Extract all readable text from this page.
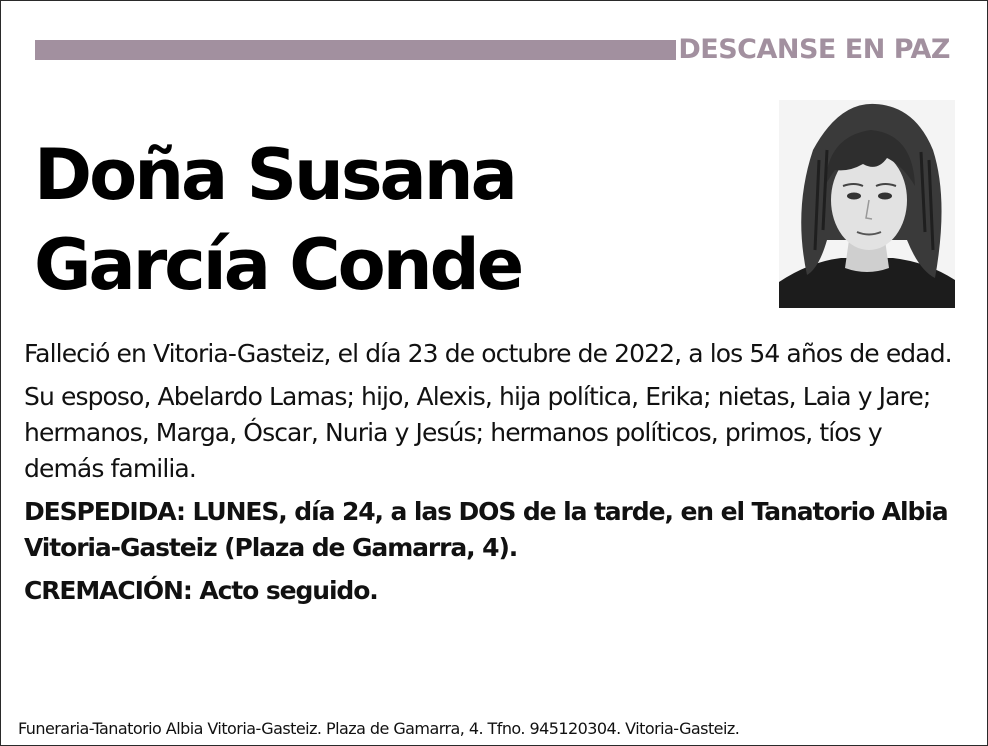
DESCANSE EN PAZ
Doña Susana
García Conde

Falleció en Vitoria-Gasteiz, el día 23 de octubre de 2022, a los 54 años de edad.

Su esposo, Abelardo Lamas; hijo, Alexis, hija política, Erika; nietas, Laia y Jare; hermanos, Marga, Óscar, Nuria y Jesús; hermanos políticos, primos, tíos y demás familia.

DESPEDIDA: LUNES, día 24, a las DOS de la tarde, en el Tanatorio Albia Vitoria-Gasteiz (Plaza de Gamarra, 4).

CREMACIÓN: Acto seguido.

Funeraria-Tanatorio Albia Vitoria-Gasteiz. Plaza de Gamarra, 4. Tfno. 945120304. Vitoria-Gasteiz.
